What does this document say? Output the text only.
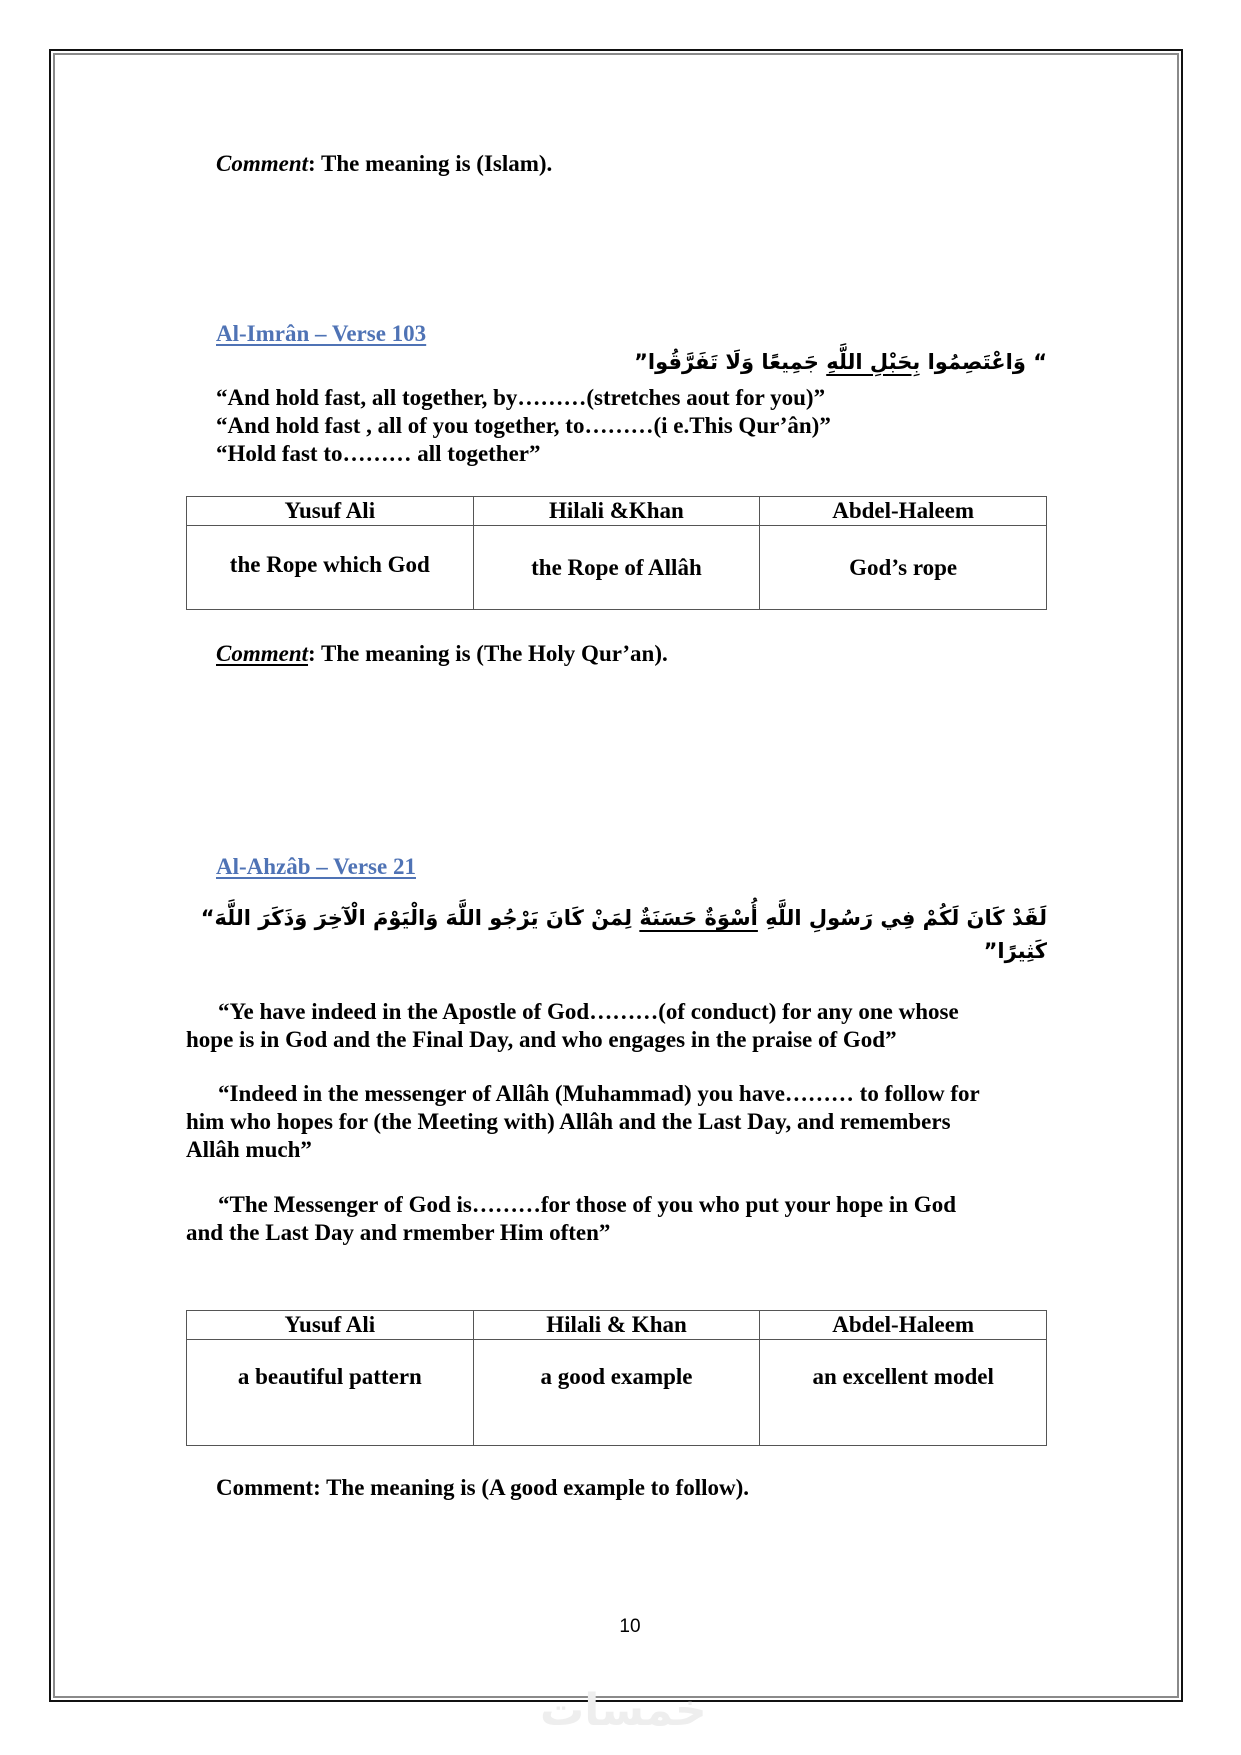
Comment: The meaning is (Islam).
Al-Imrân – Verse 103
“ وَاعْتَصِمُوا بِحَبْلِ اللَّهِ جَمِيعًا وَلَا تَفَرَّقُوا”
“And hold fast, all together, by………(stretches aout for you)”
“And hold fast , all of you together, to………(i e.This Qur’ân)”
“Hold fast to……… all together”
Yusuf Ali	Hilali &Khan	Abdel-Haleem
the Rope which God	the Rope of Allâh	God’s rope
Comment: The meaning is (The Holy Qur’an).
Al-Ahzâb – Verse 21
لَقَدْ كَانَ لَكُمْ فِي رَسُولِ اللَّهِ أُسْوَةٌ حَسَنَةٌ لِمَنْ كَانَ يَرْجُو اللَّهَ وَالْيَوْمَ الْآخِرَ وَذَكَرَ اللَّهَ“
كَثِيرًا”
“Ye have indeed in the Apostle of God………(of conduct) for any one whose
hope is in God and the Final Day, and who engages in the praise of God”
“Indeed in the messenger of Allâh (Muhammad) you have……… to follow for
him who hopes for (the Meeting with) Allâh and the Last Day, and remembers
Allâh much”
“The Messenger of God is………for those of you who put your hope in God
and the Last Day and rmember Him often”
Yusuf Ali	Hilali & Khan	Abdel-Haleem
a beautiful pattern	a good example	an excellent model
Comment: The meaning is (A good example to follow).
10
خمسات
